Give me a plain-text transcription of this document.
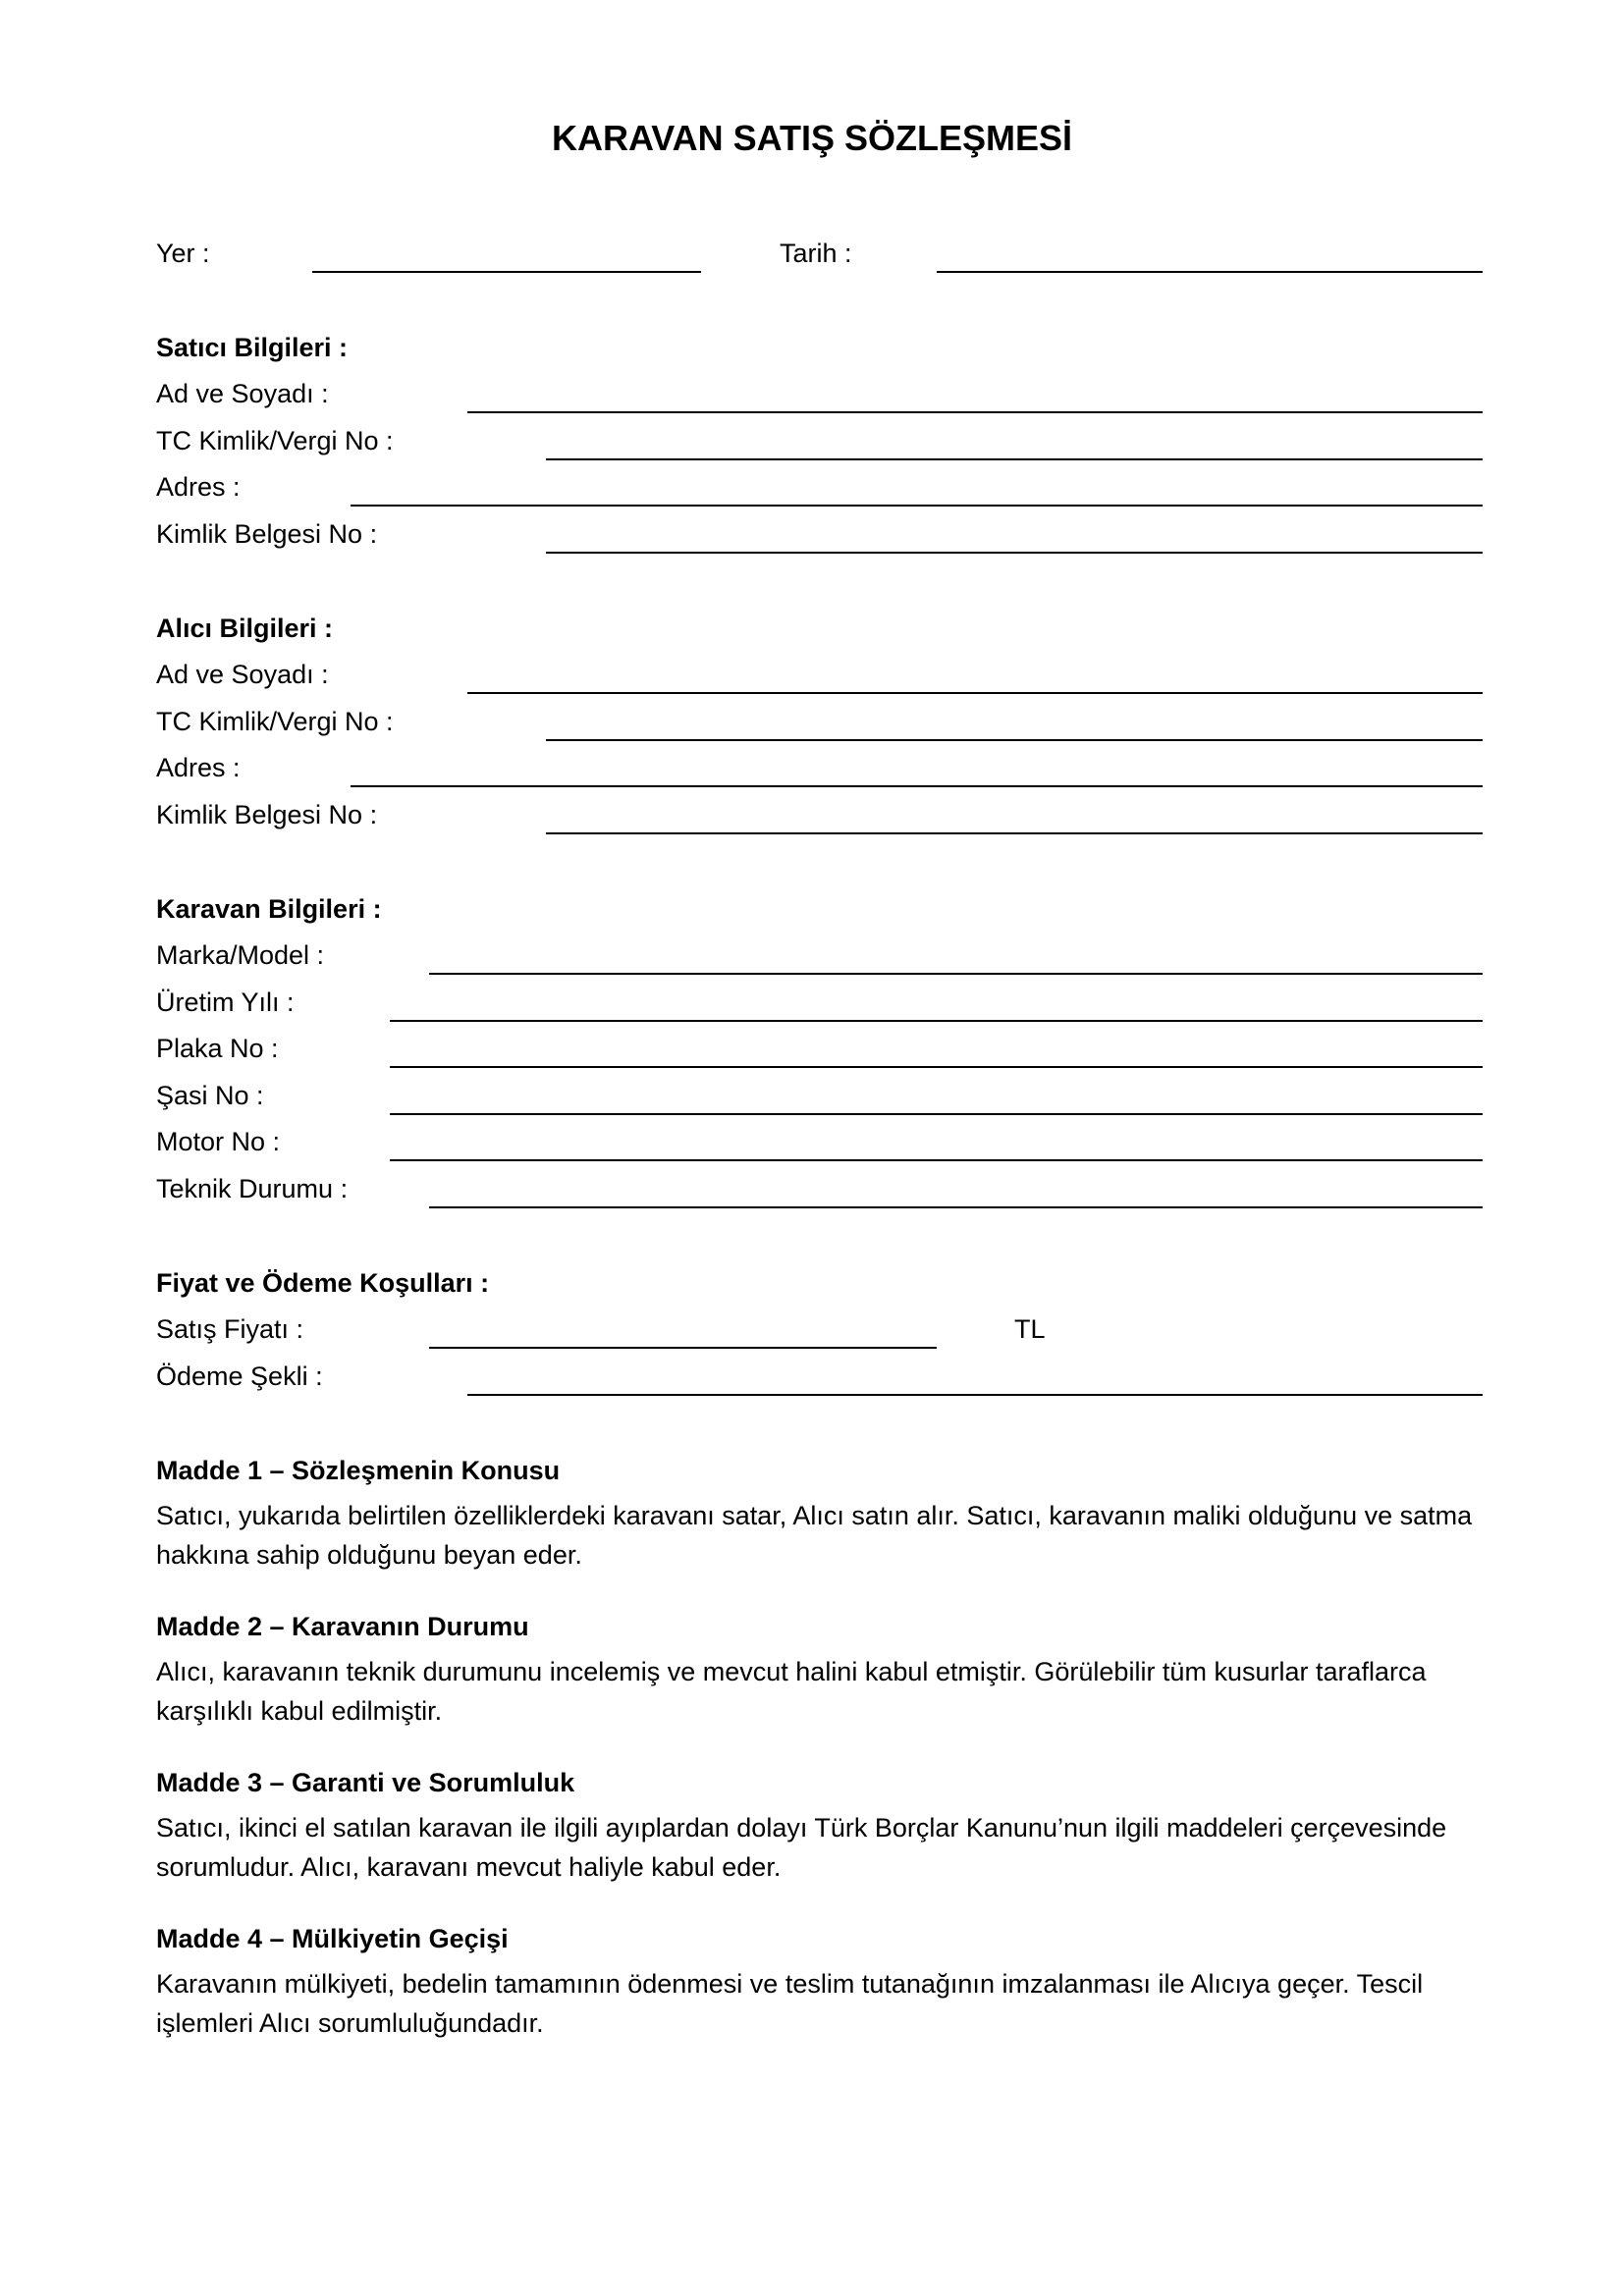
KARAVAN SATIŞ SÖZLEŞMESİ
Yer :	Tarih :
Satıcı Bilgileri :
Ad ve Soyadı :
TC Kimlik/Vergi No :
Adres :
Kimlik Belgesi No :
Alıcı Bilgileri :
Ad ve Soyadı :
TC Kimlik/Vergi No :
Adres :
Kimlik Belgesi No :
Karavan Bilgileri :
Marka/Model :
Üretim Yılı :
Plaka No :
Şasi No :
Motor No :
Teknik Durumu :
Fiyat ve Ödeme Koşulları :
Satış Fiyatı :	TL
Ödeme Şekli :
Madde 1 – Sözleşmenin Konusu
Satıcı, yukarıda belirtilen özelliklerdeki karavanı satar, Alıcı satın alır. Satıcı, karavanın maliki olduğunu ve satma hakkına sahip olduğunu beyan eder.
Madde 2 – Karavanın Durumu
Alıcı, karavanın teknik durumunu incelemiş ve mevcut halini kabul etmiştir. Görülebilir tüm kusurlar taraflarca karşılıklı kabul edilmiştir.
Madde 3 – Garanti ve Sorumluluk
Satıcı, ikinci el satılan karavan ile ilgili ayıplardan dolayı Türk Borçlar Kanunu’nun ilgili maddeleri çerçevesinde sorumludur. Alıcı, karavanı mevcut haliyle kabul eder.
Madde 4 – Mülkiyetin Geçişi
Karavanın mülkiyeti, bedelin tamamının ödenmesi ve teslim tutanağının imzalanması ile Alıcıya geçer. Tescil işlemleri Alıcı sorumluluğundadır.
